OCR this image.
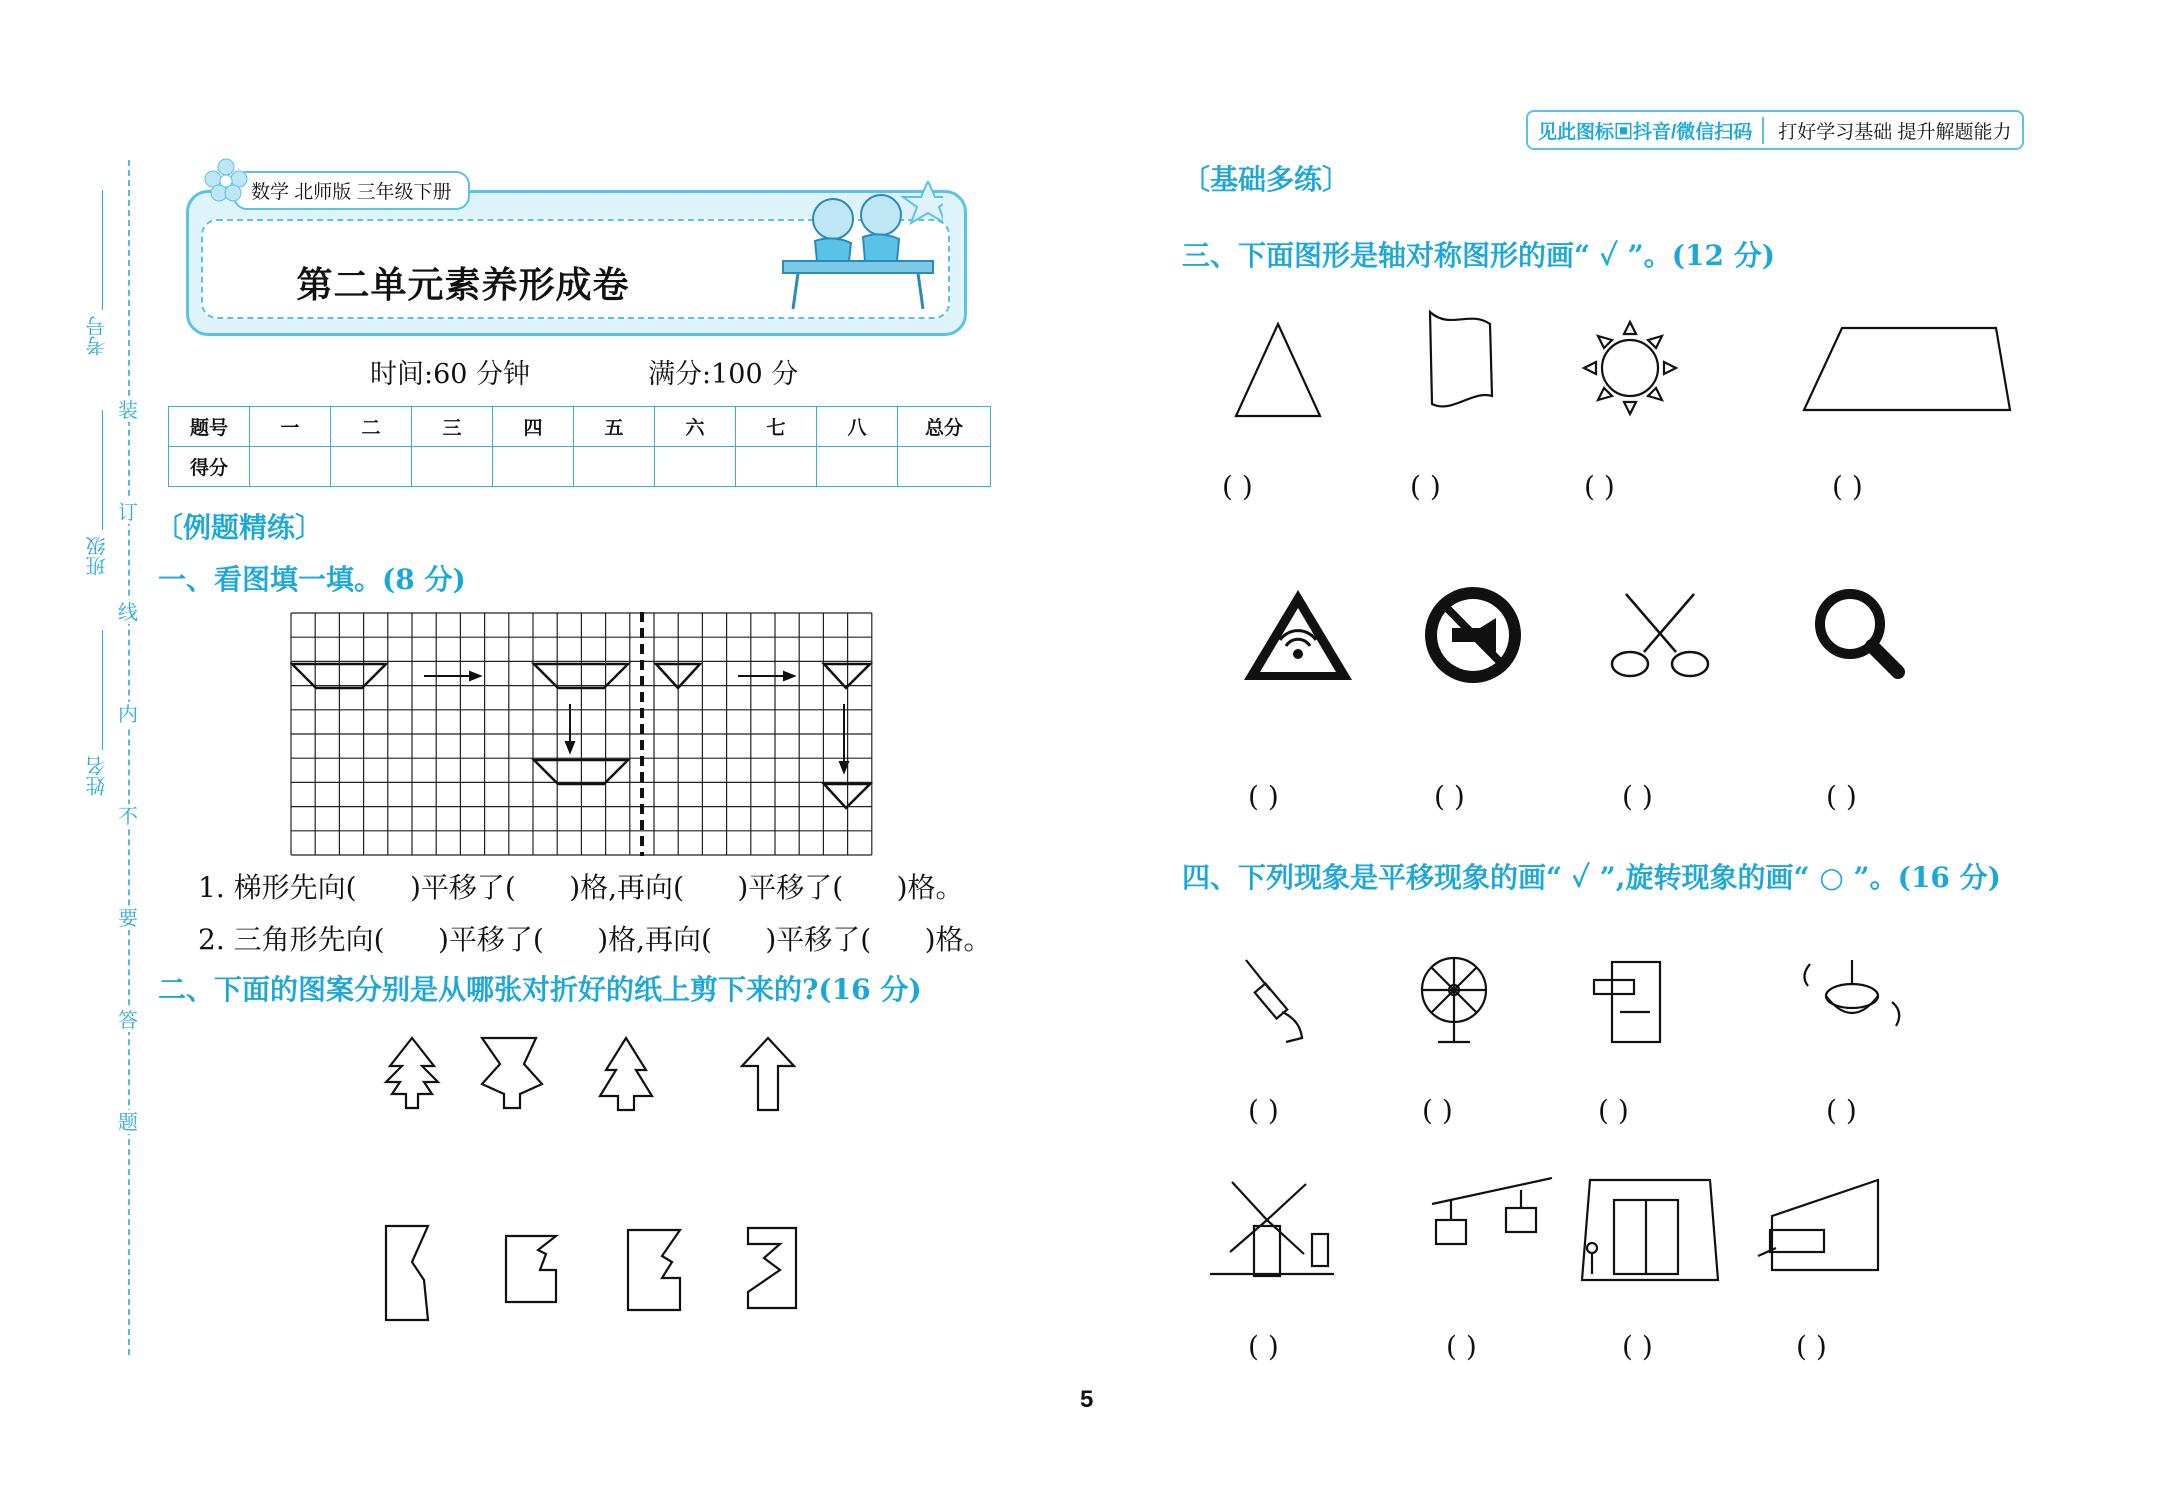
考号
班级
姓名
装
订
线
内
不
要
答
题
第二单元素养形成卷
数学 北师版 三年级下册
时间:60 分钟	满分:100 分
题号	一	二	三	四	五	六	七	八	总分
得分									
〔例题精练〕
一、看图填一填。(8 分)
1. 梯形先向(      )平移了(      )格,再向(      )平移了(      )格。
2. 三角形先向(      )平移了(      )格,再向(      )平移了(      )格。
二、下面的图案分别是从哪张对折好的纸上剪下来的?(16 分)
见此图标▣抖音/微信扫码	打好学习基础 提升解题能力
〔基础多练〕
三、下面图形是轴对称图形的画“ ✓ ”。(12 分)
( )	( )	( )	( )
( )	( )	( )	( )
四、下列现象是平移现象的画“ ✓ ”,旋转现象的画“ ○ ”。(16 分)
( )	( )	( )	( )
( )	( )	( )	( )
5
